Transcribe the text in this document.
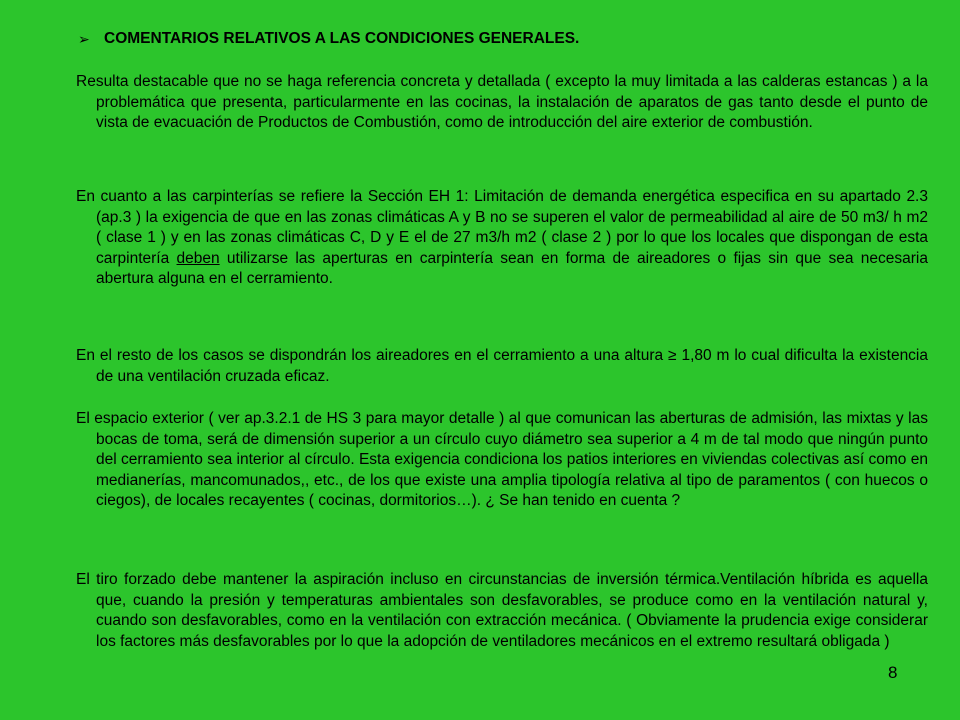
➢ COMENTARIOS RELATIVOS A LAS CONDICIONES GENERALES.
Resulta destacable que no se haga referencia concreta y detallada ( excepto la muy limitada a las calderas estancas ) a la problemática que presenta, particularmente en las cocinas, la instalación de aparatos de gas tanto desde el punto de vista de evacuación de Productos de Combustión, como de introducción del aire exterior de combustión.
En cuanto a las carpinterías se refiere la Sección EH 1: Limitación de demanda energética especifica en su apartado 2.3 (ap.3 ) la exigencia de que en las zonas climáticas A y B no se superen el valor de permeabilidad al aire de 50 m3/ h m2 ( clase 1 ) y en las zonas climáticas C, D y E el de 27 m3/h m2 ( clase 2 ) por lo que los locales que dispongan de esta carpintería deben utilizarse las aperturas en carpintería sean en forma de aireadores o fijas sin que sea necesaria abertura alguna en el cerramiento.
En el resto de los casos se dispondrán los aireadores en el cerramiento a una altura ≥ 1,80 m lo cual dificulta la existencia de una ventilación cruzada eficaz.
El espacio exterior ( ver ap.3.2.1 de HS 3 para mayor detalle ) al que comunican las aberturas de admisión, las mixtas y las bocas de toma, será de dimensión superior a un círculo cuyo diámetro sea superior a 4 m de tal modo que ningún punto del cerramiento sea interior al círculo. Esta exigencia condiciona los patios interiores en viviendas colectivas así como en medianerías, mancomunados,, etc., de los que existe una amplia tipología relativa al tipo de paramentos ( con huecos o ciegos), de locales recayentes ( cocinas, dormitorios…). ¿ Se han tenido en cuenta ?
El tiro forzado debe mantener la aspiración incluso en circunstancias de inversión térmica.Ventilación híbrida es aquella que, cuando la presión y temperaturas ambientales son desfavorables, se produce como en la ventilación natural y, cuando son desfavorables, como en la ventilación con extracción mecánica. ( Obviamente la prudencia exige considerar los factores más desfavorables por lo que la adopción de ventiladores mecánicos en el extremo resultará obligada )
8
